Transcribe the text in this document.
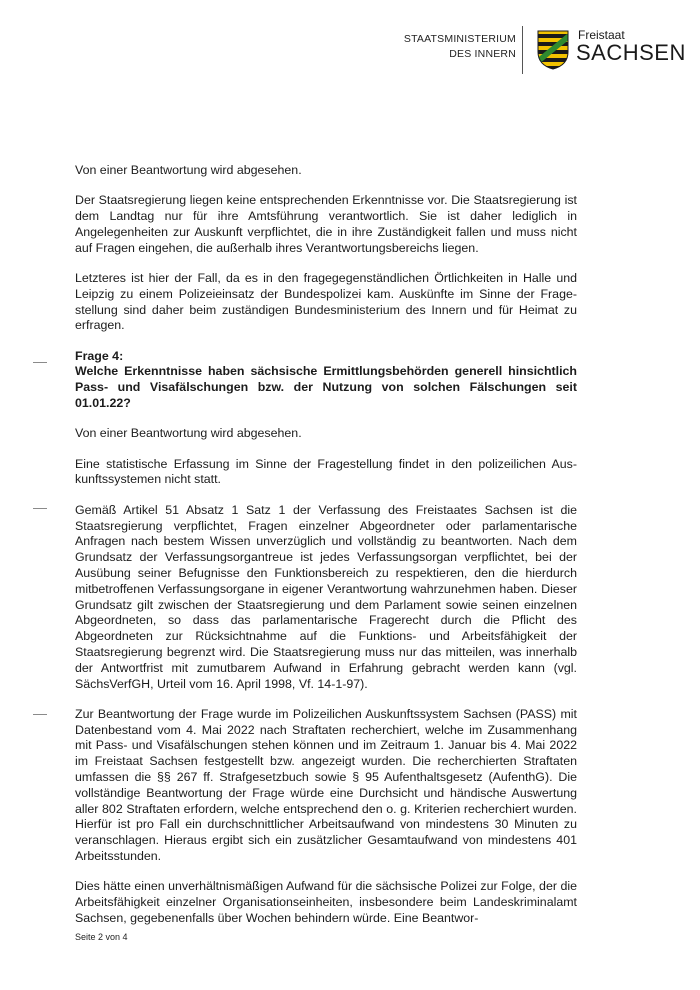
STAATSMINISTERIUM
DES INNERN
Freistaat
SACHSEN

Von einer Beantwortung wird abgesehen.

Der Staatsregierung liegen keine entsprechenden Erkenntnisse vor. Die Staatsregierung ist dem Landtag nur für ihre Amtsführung verantwortlich. Sie ist daher lediglich in Angelegenheiten zur Auskunft verpflichtet, die in ihre Zuständigkeit fallen und muss nicht auf Fragen eingehen, die außerhalb ihres Verantwortungsbereichs liegen.

Letzteres ist hier der Fall, da es in den fragegegenständlichen Örtlichkeiten in Halle und Leipzig zu einem Polizeieinsatz der Bundespolizei kam. Auskünfte im Sinne der Fragestellung sind daher beim zuständigen Bundesministerium des Innern und für Heimat zu erfragen.

Frage 4:
Welche Erkenntnisse haben sächsische Ermittlungsbehörden generell hinsichtlich Pass- und Visafälschungen bzw. der Nutzung von solchen Fälschungen seit 01.01.22?

Von einer Beantwortung wird abgesehen.

Eine statistische Erfassung im Sinne der Fragestellung findet in den polizeilichen Auskunftssystemen nicht statt.

Gemäß Artikel 51 Absatz 1 Satz 1 der Verfassung des Freistaates Sachsen ist die Staatsregierung verpflichtet, Fragen einzelner Abgeordneter oder parlamentarische Anfragen nach bestem Wissen unverzüglich und vollständig zu beantworten. Nach dem Grundsatz der Verfassungsorgantreue ist jedes Verfassungsorgan verpflichtet, bei der Ausübung seiner Befugnisse den Funktionsbereich zu respektieren, den die hierdurch mitbetroffenen Verfassungsorgane in eigener Verantwortung wahrzunehmen haben. Dieser Grundsatz gilt zwischen der Staatsregierung und dem Parlament sowie seinen einzelnen Abgeordneten, so dass das parlamentarische Fragerecht durch die Pflicht des Abgeordneten zur Rücksichtnahme auf die Funktions- und Arbeitsfähigkeit der Staatsregierung begrenzt wird. Die Staatsregierung muss nur das mitteilen, was innerhalb der Antwortfrist mit zumutbarem Aufwand in Erfahrung gebracht werden kann (vgl. SächsVerfGH, Urteil vom 16. April 1998, Vf. 14-1-97).

Zur Beantwortung der Frage wurde im Polizeilichen Auskunftssystem Sachsen (PASS) mit Datenbestand vom 4. Mai 2022 nach Straftaten recherchiert, welche im Zusammenhang mit Pass- und Visafälschungen stehen können und im Zeitraum 1. Januar bis 4. Mai 2022 im Freistaat Sachsen festgestellt bzw. angezeigt wurden. Die recherchierten Straftaten umfassen die §§ 267 ff. Strafgesetzbuch sowie § 95 Aufenthaltsgesetz (AufenthG). Die vollständige Beantwortung der Frage würde eine Durchsicht und händische Auswertung aller 802 Straftaten erfordern, welche entsprechend den o. g. Kriterien recherchiert wurden. Hierfür ist pro Fall ein durchschnittlicher Arbeitsaufwand von mindestens 30 Minuten zu veranschlagen. Hieraus ergibt sich ein zusätzlicher Gesamtaufwand von mindestens 401 Arbeitsstunden.

Dies hätte einen unverhältnismäßigen Aufwand für die sächsische Polizei zur Folge, der die Arbeitsfähigkeit einzelner Organisationseinheiten, insbesondere beim Landeskriminalamt Sachsen, gegebenenfalls über Wochen behindern würde. Eine Beantwor-

Seite 2 von 4
